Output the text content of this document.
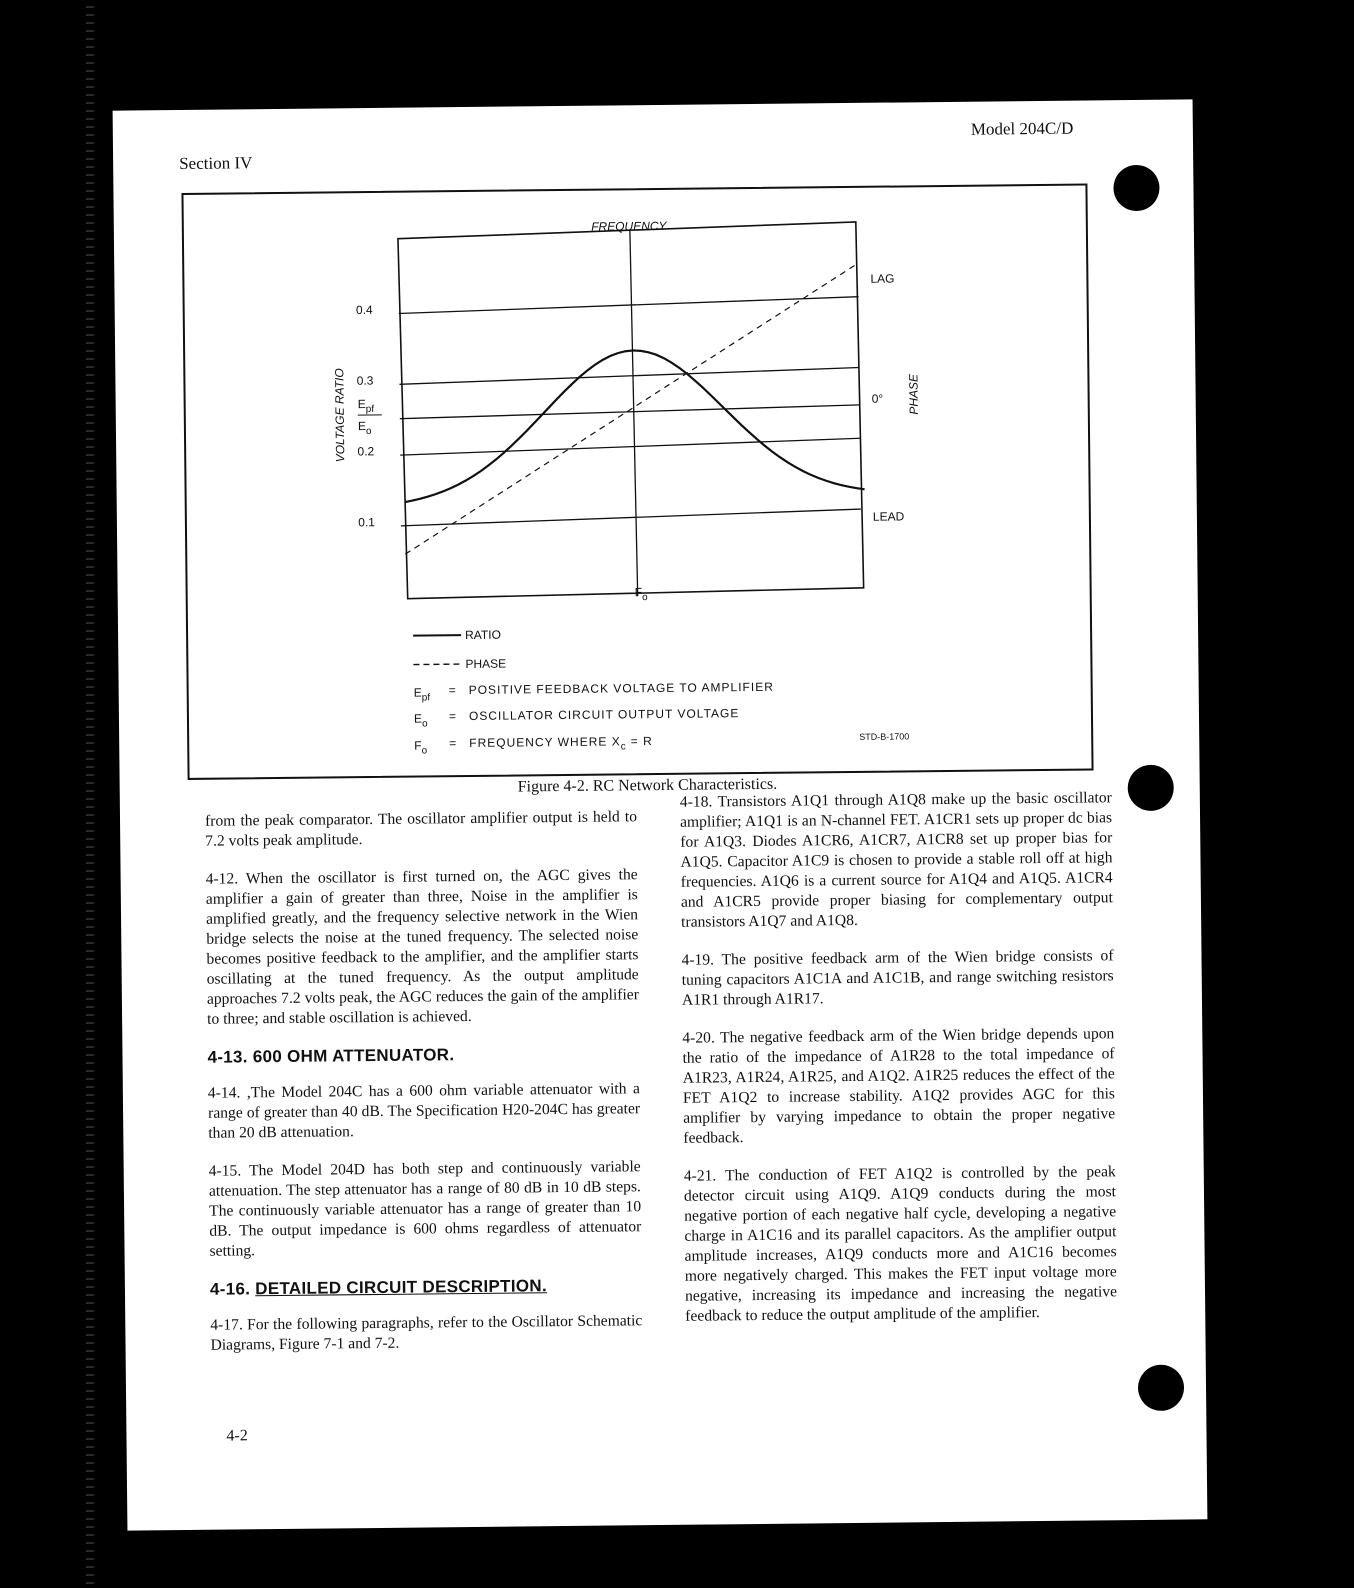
Section IV
Model 204C/D
FREQUENCY
0.4
0.3
0.2
0.1
VOLTAGE RATIO $E_{pf}$
$E_o$
PHASE
LAG
0°
LEAD
$F_o$
RATIO
PHASE
$E_{pf}$
= POSITIVE FEEDBACK VOLTAGE TO AMPLIFIER
$E_o$
= OSCILLATOR CIRCUIT OUTPUT VOLTAGE
$F_o$
= FREQUENCY WHERE $X_c = R$	STD-B-1700
Figure 4-2. RC Network Characteristics.

from the peak comparator. The oscillator amplifier output is held to 7.2 volts peak amplitude.

4-12. When the oscillator is first turned on, the AGC gives the amplifier a gain of greater than three, Noise in the amplifier is amplified greatly, and the frequency selective network in the Wien bridge selects the noise at the tuned frequency. The selected noise becomes positive feedback to the amplifier, and the amplifier starts oscillating at the tuned frequency. As the output amplitude approaches 7.2 volts peak, the AGC reduces the gain of the amplifier to three; and stable oscillation is achieved.

4-13. 600 OHM ATTENUATOR.

4-14. ,The Model 204C has a 600 ohm variable attenuator with a range of greater than 40 dB. The Specification H20-204C has greater than 20 dB attenuation.

4-15. The Model 204D has both step and continuously variable attenuation. The step attenuator has a range of 80 dB in 10 dB steps. The continuously variable attenuator has a range of greater than 10 dB. The output impedance is 600 ohms regardless of attenuator setting.

4-16. DETAILED CIRCUIT DESCRIPTION.

4-17. For the following paragraphs, refer to the Oscillator Schematic Diagrams, Figure 7-1 and 7-2.

4-18. Transistors A1Q1 through A1Q8 make up the basic oscillator amplifier; A1Q1 is an N-channel FET. A1CR1 sets up proper dc bias for A1Q3. Diodes A1CR6, A1CR7, A1CR8 set up proper bias for A1Q5. Capacitor A1C9 is chosen to provide a stable roll off at high frequencies. A1Q6 is a current source for A1Q4 and A1Q5. A1CR4 and A1CR5 provide proper biasing for complementary output transistors A1Q7 and A1Q8.

4-19. The positive feedback arm of the Wien bridge consists of tuning capacitors A1C1A and A1C1B, and range switching resistors A1R1 through A1R17.

4-20. The negative feedback arm of the Wien bridge depends upon the ratio of the impedance of A1R28 to the total impedance of A1R23, A1R24, A1R25, and A1Q2. A1R25 reduces the effect of the FET A1Q2 to increase stability. A1Q2 provides AGC for this amplifier by varying impedance to obtain the proper negative feedback.

4-21. The conduction of FET A1Q2 is controlled by the peak detector circuit using A1Q9. A1Q9 conducts during the most negative portion of each negative half cycle, developing a negative charge in A1C16 and its parallel capacitors. As the amplifier output amplitude increases, A1Q9 conducts more and A1C16 becomes more negatively charged. This makes the FET input voltage more negative, increasing its impedance and increasing the negative feedback to reduce the output amplitude of the amplifier.

4-2
